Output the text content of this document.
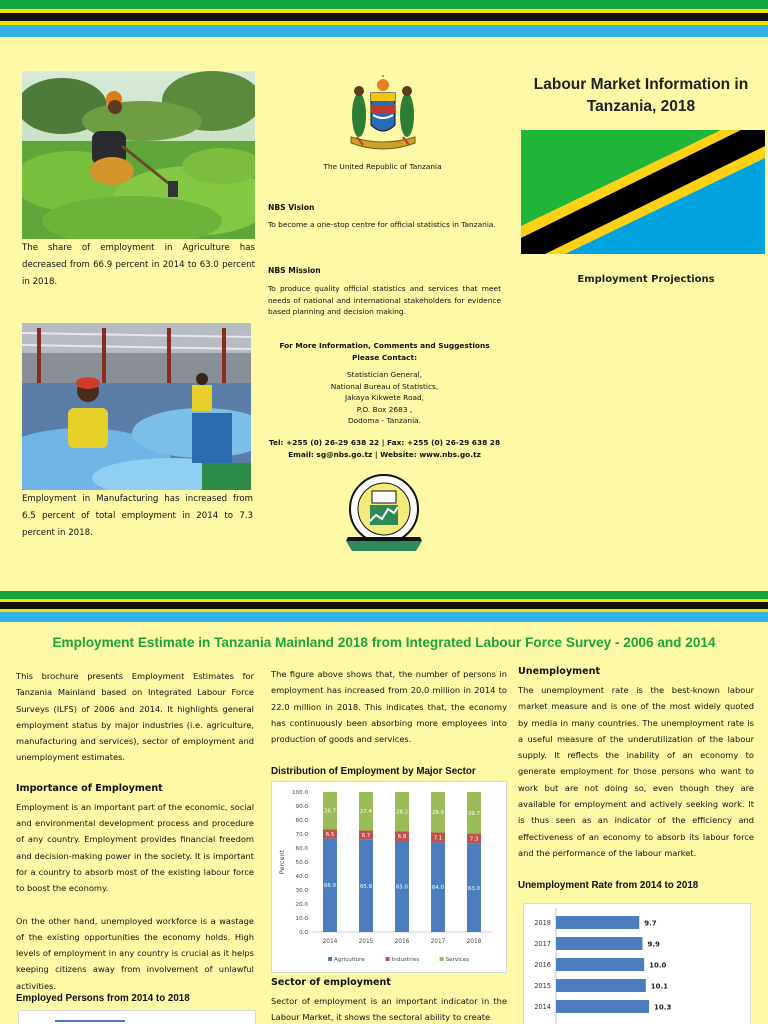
The share of employment in Agriculture has decreased from 66.9 percent in 2014 to 63.0 percent in 2018.

Employment in Manufacturing has increased from 6.5 percent of total employment in 2014 to 7.3 percent in 2018.

The United Republic of Tanzania

NBS Vision

To become a one-stop centre for official statistics in Tanzania.

NBS Mission

To produce quality official statistics and services that meet needs of national and international stakeholders for evidence based planning and decision making.

For More Information, Comments and Suggestions Please Contact:

Statistician General,

National Bureau of Statistics,

Jakaya Kikwete Road,

P.O. Box 2683 ,

Dodoma - Tanzania.

Tel: +255 (0) 26-29 638 22 | Fax: +255 (0) 26-29 638 28

Email: sg@nbs.go.tz | Website: www.nbs.go.tz

Labour Market Information in Tanzania, 2018

Employment Projections

Employment Estimate in Tanzania Mainland 2018 from Integrated Labour Force Survey - 2006 and 2014

This brochure presents Employment Estimates for Tanzania Mainland based on Integrated Labour Force Surveys (ILFS) of 2006 and 2014. It highlights general employment status by major industries (i.e. agriculture, manufacturing and services), sector of employment and unemployment estimates.

Importance of Employment

Employment is an important part of the economic, social and environmental development process and procedure of any country. Employment provides financial freedom and decision-making power in the society. It is important for a country to absorb most of the existing labour force to boost the economy.

On the other hand, unemployed workforce is a wastage of the existing opportunities the economy holds. High levels of employment in any country is crucial as it helps keeping citizens away from involvement of unlawful activities.

Employed Persons from 2014 to 2018

The figure above shows that, the number of persons in employment has increased from 20.0 million in 2014 to 22.0 million in 2018. This indicates that, the economy has continuously been absorbing more employees into production of goods and services.

Distribution of Employment by Major Sector

0.0
10.0
20.0
30.0
40.0
50.0
60.0
70.0
80.0
90.0
100.0
Percent
66.9
6.5
26.7
2014
65.9
6.7
27.4
2015
65.0
6.8
28.2
2016
64.0
7.1
28.9
2017
63.0
7.3
29.7
2018
Agriculture	Industries	Services

Sector of employment

Sector of employment is an important indicator in the Labour Market, it shows the sectoral ability to create

Unemployment

The unemployment rate is the best-known labour market measure and is one of the most widely quoted by media in many countries. The unemployment rate is a useful measure of the underutilization of the labour supply. It reflects the inability of an economy to generate employment for those persons who want to work but are not doing so, even though they are available for employment and actively seeking work. It is thus seen as an indicator of the efficiency and effectiveness of an economy to absorb its labour force and the performance of the labour market.

Unemployment Rate from 2014 to 2018

2018	9.7
2017	9.9
2016	10.0
2015	10.1
2014	10.3
